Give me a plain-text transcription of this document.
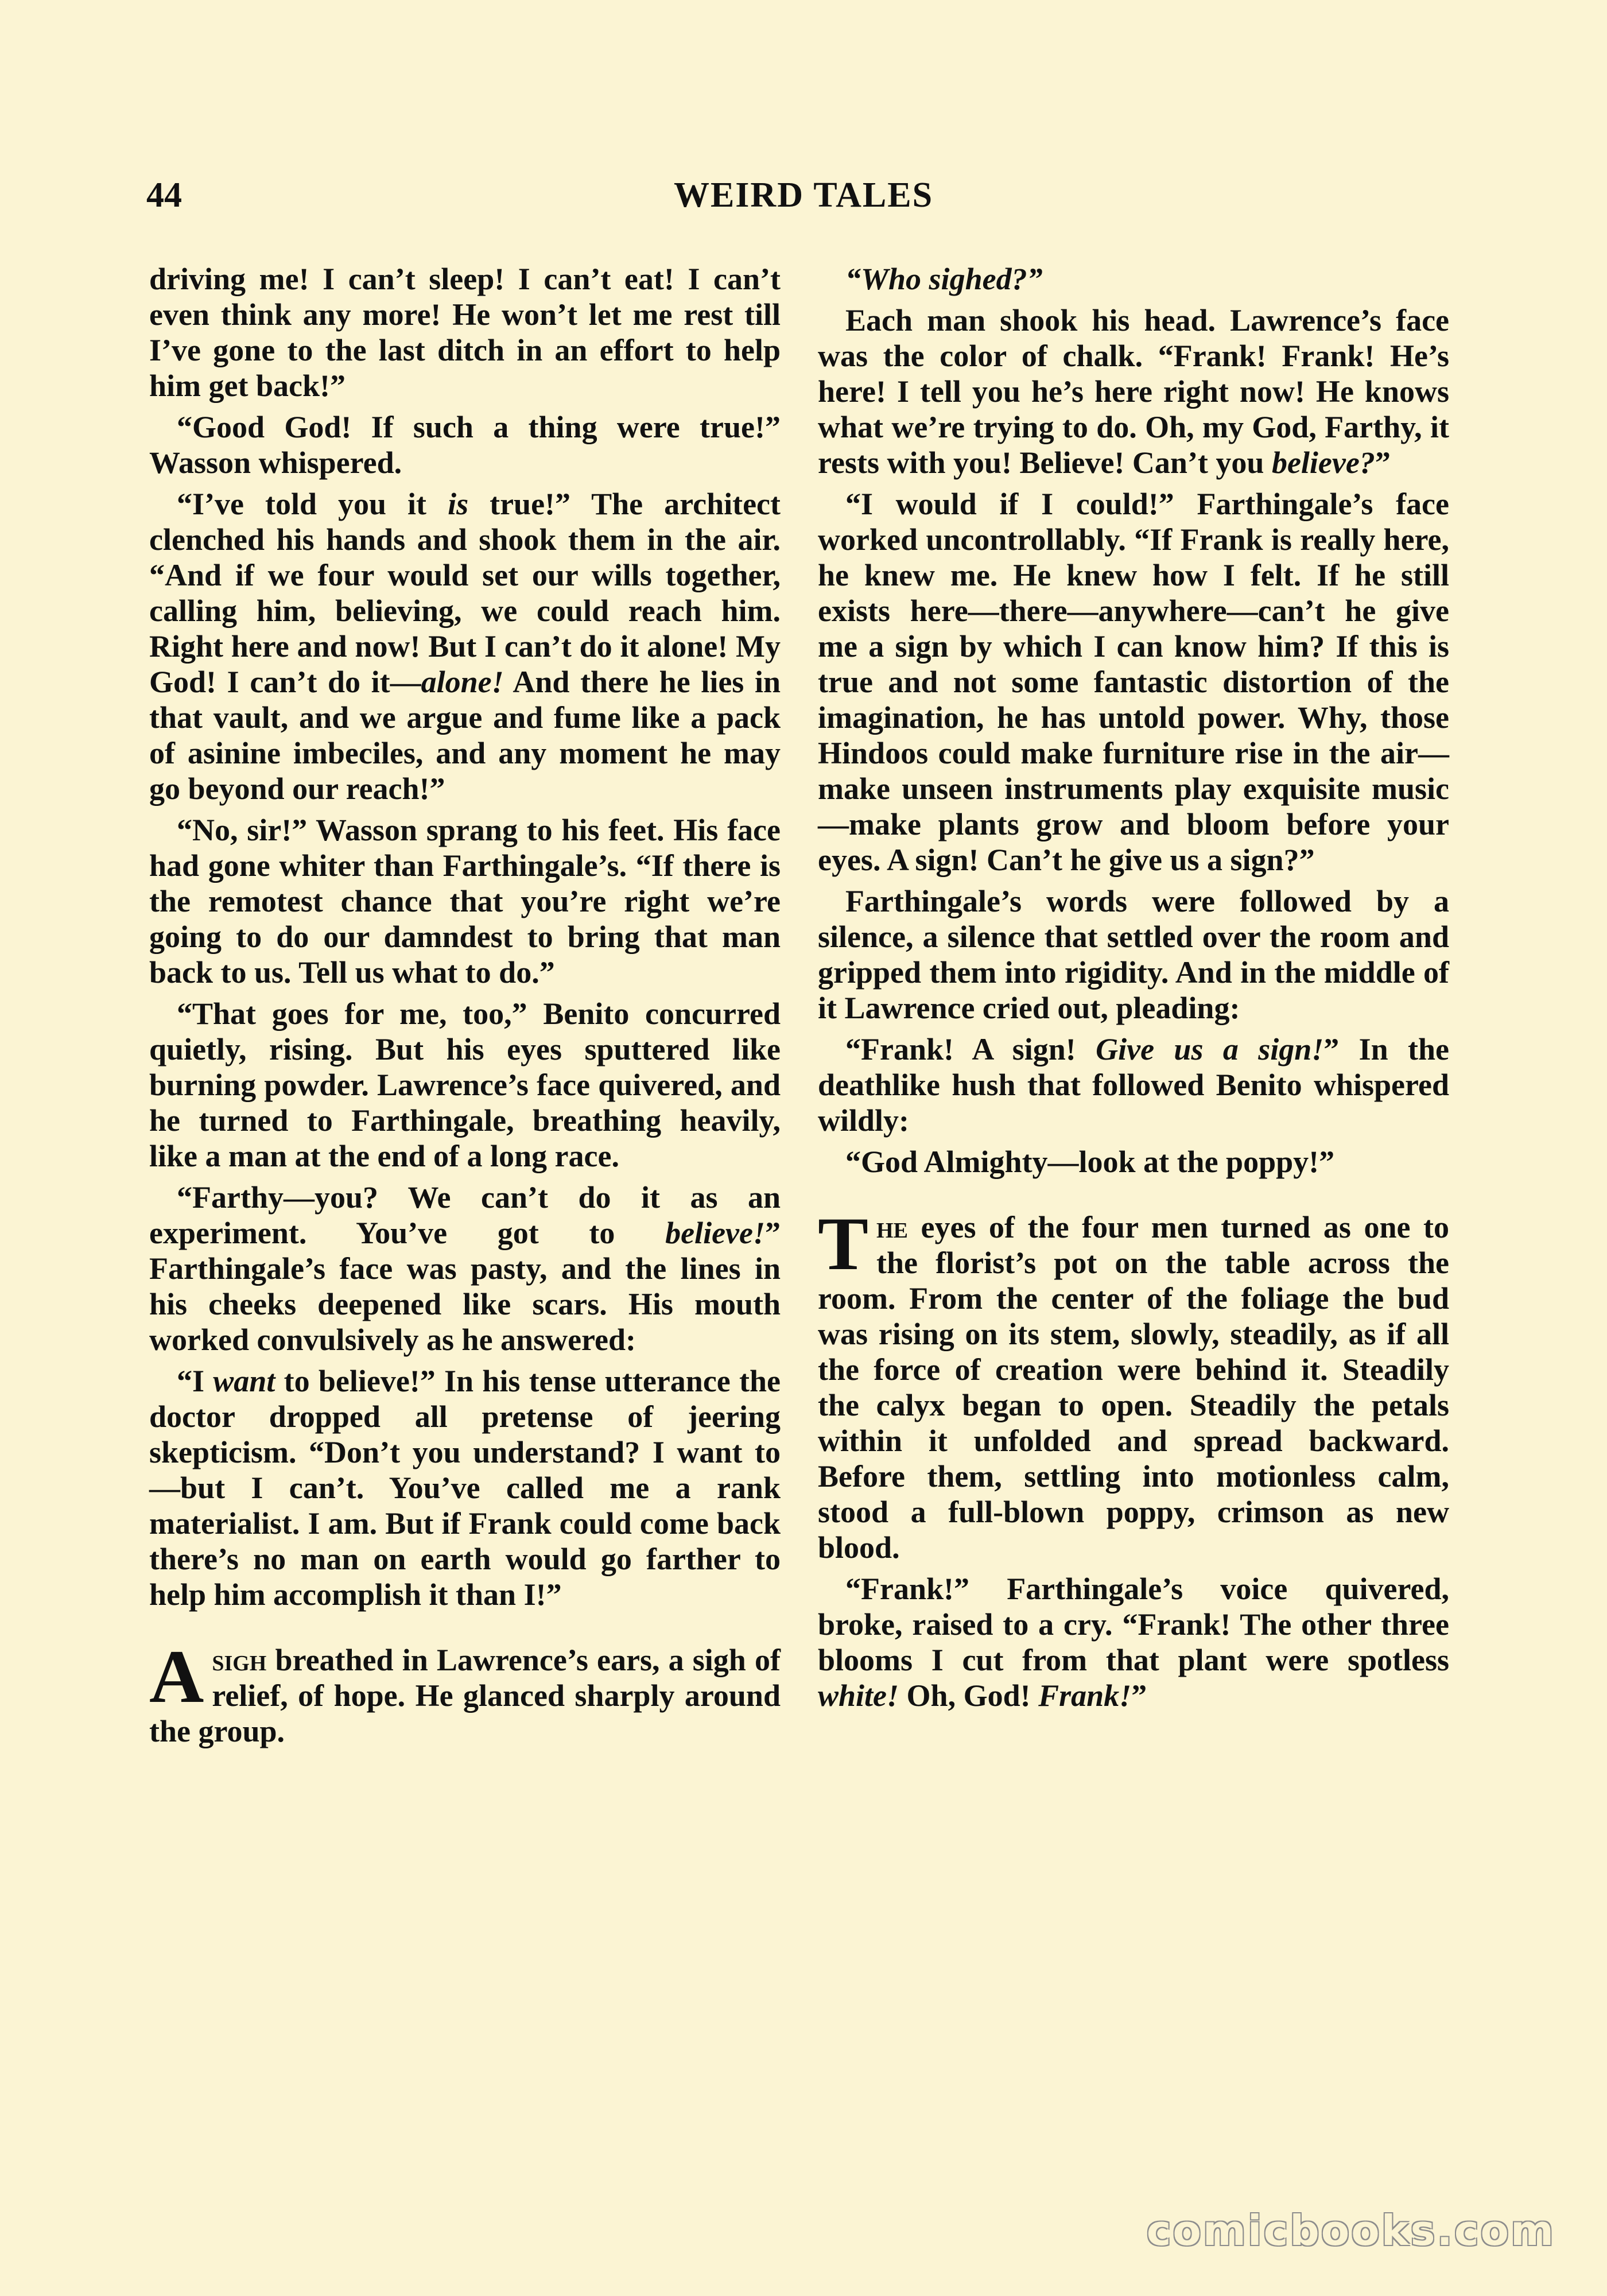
44	WEIRD TALES

driving me! I can’t sleep! I can’t eat! I can’t even think any more! He won’t let me rest till I’ve gone to the last ditch in an effort to help him get back!”

“Good God! If such a thing were true!” Wasson whispered.

“I’ve told you it is true!” The architect clenched his hands and shook them in the air. “And if we four would set our wills together, calling him, believing, we could reach him. Right here and now! But I can’t do it alone! My God! I can’t do it—alone! And there he lies in that vault, and we argue and fume like a pack of asinine imbeciles, and any moment he may go beyond our reach!”

“No, sir!” Wasson sprang to his feet. His face had gone whiter than Farthingale’s. “If there is the remotest chance that you’re right we’re going to do our damndest to bring that man back to us. Tell us what to do.”

“That goes for me, too,” Benito concurred quietly, rising. But his eyes sputtered like burning powder. Lawrence’s face quivered, and he turned to Farthingale, breathing heavily, like a man at the end of a long race.

“Farthy—you? We can’t do it as an experiment. You’ve got to believe!” Farthingale’s face was pasty, and the lines in his cheeks deepened like scars. His mouth worked convulsively as he answered:

“I want to believe!” In his tense utterance the doctor dropped all pretense of jeering skepticism. “Don’t you understand? I want to—but I can’t. You’ve called me a rank materialist. I am. But if Frank could come back there’s no man on earth would go farther to help him accomplish it than I!”

A sigh breathed in Lawrence’s ears, a sigh of relief, of hope. He glanced sharply around the group.

“Who sighed?”

Each man shook his head. Lawrence’s face was the color of chalk. “Frank! Frank! He’s here! I tell you he’s here right now! He knows what we’re trying to do. Oh, my God, Farthy, it rests with you! Believe! Can’t you believe?”

“I would if I could!” Farthingale’s face worked uncontrollably. “If Frank is really here, he knew me. He knew how I felt. If he still exists here—there—anywhere—can’t he give me a sign by which I can know him? If this is true and not some fantastic distortion of the imagination, he has untold power. Why, those Hindoos could make furniture rise in the air—make unseen instruments play exquisite music—make plants grow and bloom before your eyes. A sign! Can’t he give us a sign?”

Farthingale’s words were followed by a silence, a silence that settled over the room and gripped them into rigidity. And in the middle of it Lawrence cried out, pleading:

“Frank! A sign! Give us a sign!” In the deathlike hush that followed Benito whispered wildly:

“God Almighty—look at the poppy!”

The eyes of the four men turned as one to the florist’s pot on the table across the room. From the center of the foliage the bud was rising on its stem, slowly, steadily, as if all the force of creation were behind it. Steadily the calyx began to open. Steadily the petals within it unfolded and spread backward. Before them, settling into motionless calm, stood a full-blown poppy, crimson as new blood.

“Frank!” Farthingale’s voice quivered, broke, raised to a cry. “Frank! The other three blooms I cut from that plant were spotless white! Oh, God! Frank!”

comicbooks.com
